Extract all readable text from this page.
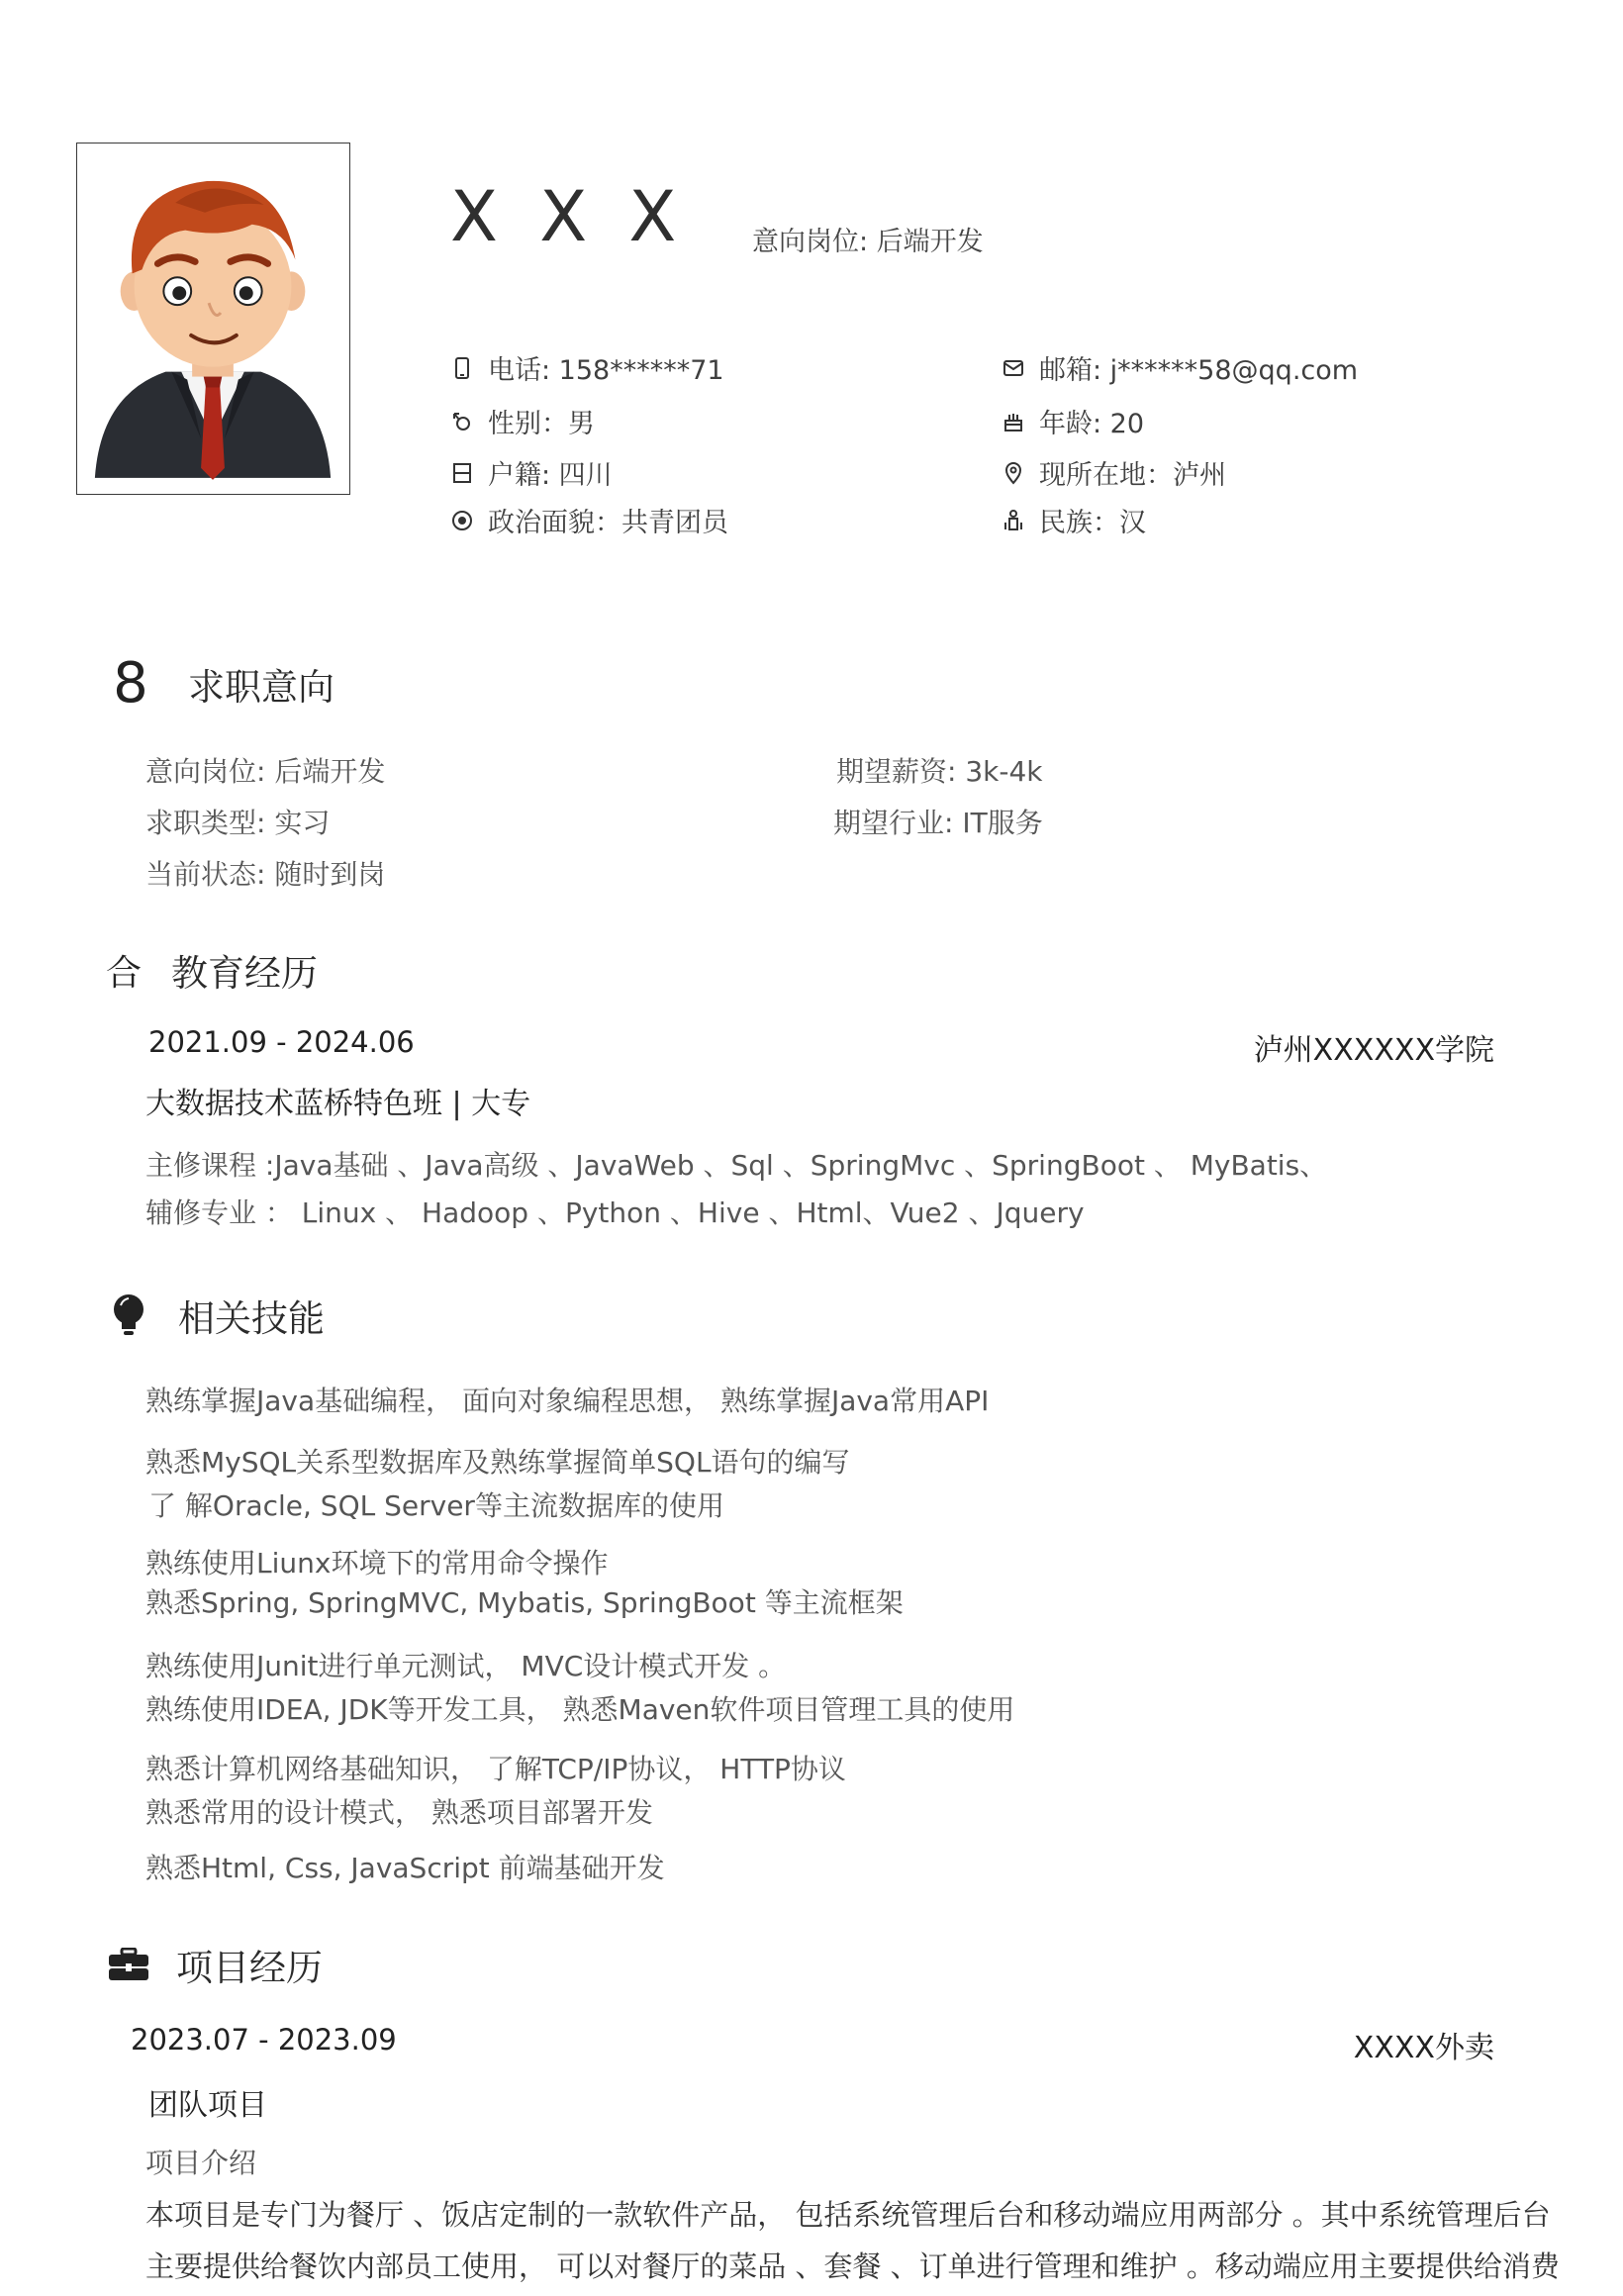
X X X 意向岗位: 后端开发
电话: 158******71	邮箱: j******58@qq.com
性别：男	年龄: 20
户籍: 四川	现所在地：泸州
政治面貌：共青团员	民族：汉
8 求职意向
意向岗位: 后端开发	期望薪资: 3k-4k
求职类型: 实习	期望行业: IT服务
当前状态: 随时到岗
合 教育经历
2021.09 - 2024.06	泸州XXXXXX学院
大数据技术蓝桥特色班 | 大专
主修课程 :Java基础 、Java高级 、JavaWeb 、Sql 、SpringMvc 、SpringBoot 、 MyBatis、
辅修专业 ： Linux 、 Hadoop 、Python 、Hive 、Html、Vue2 、Jquery
相关技能
熟练掌握Java基础编程， 面向对象编程思想， 熟练掌握Java常用API
熟悉MySQL关系型数据库及熟练掌握简单SQL语句的编写
了 解Oracle, SQL Server等主流数据库的使用
熟练使用Liunx环境下的常用命令操作
熟悉Spring, SpringMVC, Mybatis, SpringBoot 等主流框架
熟练使用Junit进行单元测试， MVC设计模式开发 。
熟练使用IDEA, JDK等开发工具， 熟悉Maven软件项目管理工具的使用
熟悉计算机网络基础知识， 了解TCP/IP协议， HTTP协议
熟悉常用的设计模式， 熟悉项目部署开发
熟悉Html, Css, JavaScript 前端基础开发
项目经历
2023.07 - 2023.09	XXXX外卖
团队项目
项目介绍
本项目是专门为餐厅 、饭店定制的一款软件产品， 包括系统管理后台和移动端应用两部分 。其中系统管理后台
主要提供给餐饮内部员工使用， 可以对餐厅的菜品 、套餐 、订单进行管理和维护 。移动端应用主要提供给消费
